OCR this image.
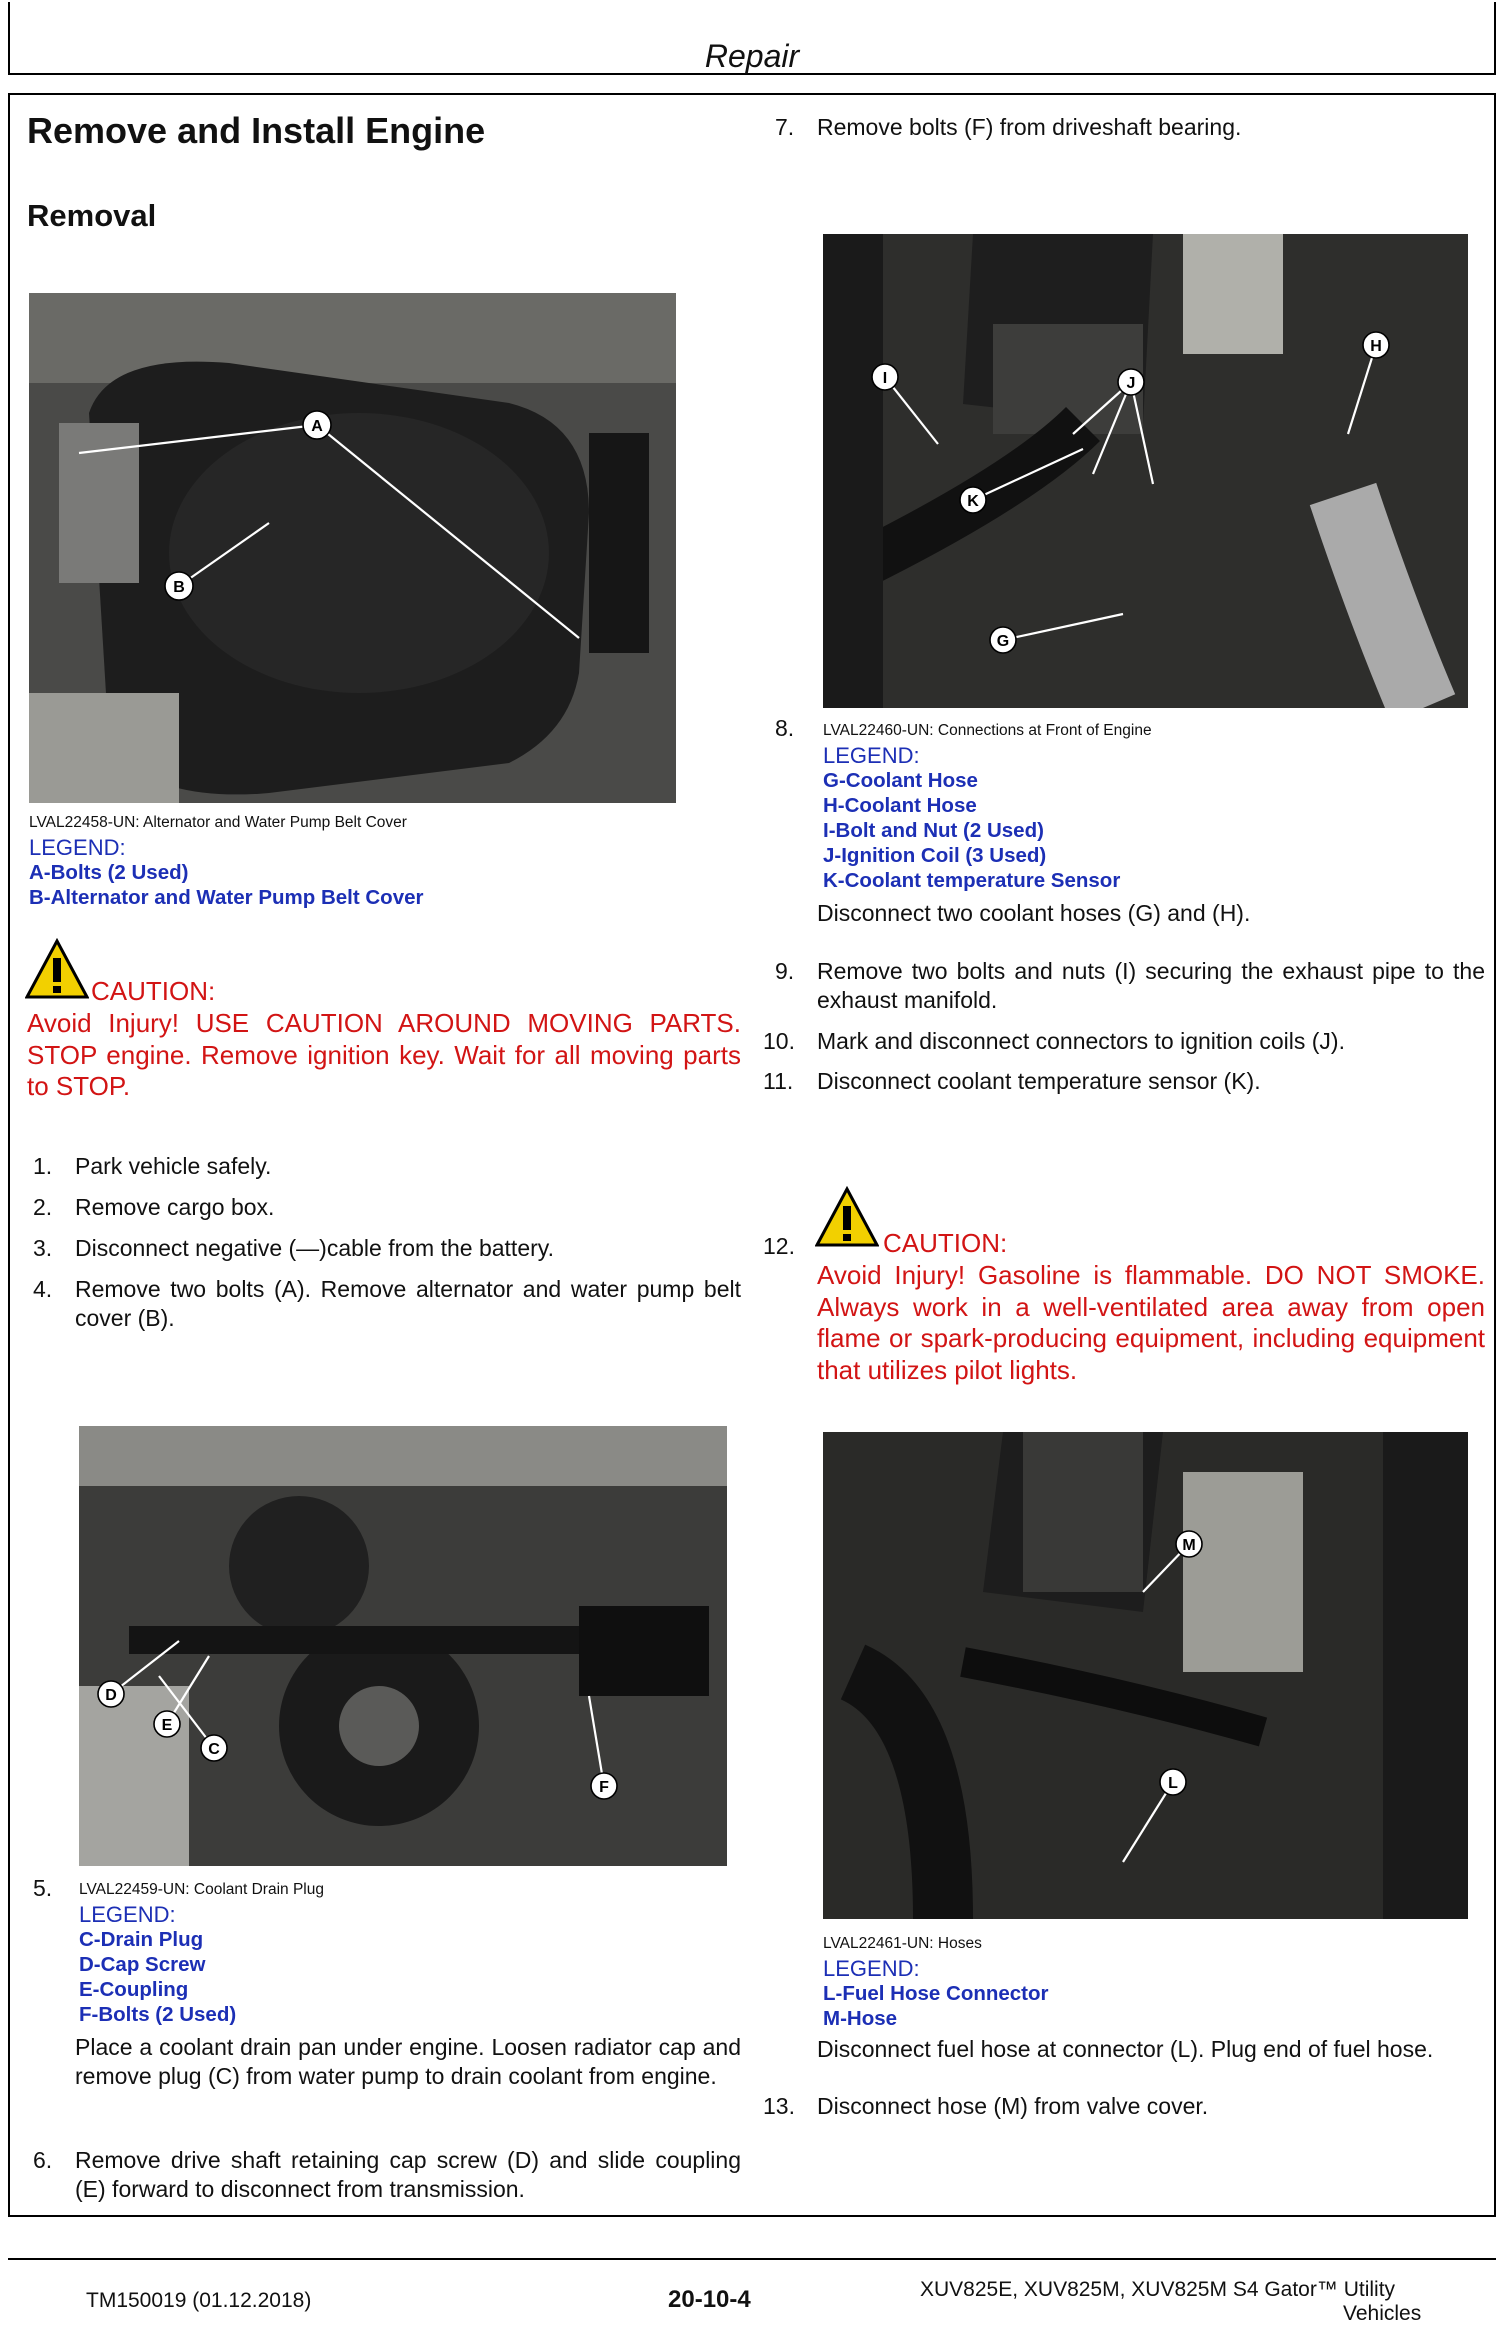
Repair
Remove and Install Engine
Removal
A
B
LVAL22458-UN: Alternator and Water Pump Belt Cover
LEGEND:
A-Bolts (2 Used)
B-Alternator and Water Pump Belt Cover
CAUTION:
Avoid Injury! USE CAUTION AROUND MOVING PARTS. STOP engine. Remove ignition key. Wait for all moving parts to STOP.
1. Park vehicle safely.
2. Remove cargo box.
3. Disconnect negative (—)cable from the battery.
4. Remove two bolts (A). Remove alternator and water pump belt cover (B).
D
E
C
F
5. LVAL22459-UN: Coolant Drain Plug
LEGEND:
C-Drain Plug
D-Cap Screw
E-Coupling
F-Bolts (2 Used)
Place a coolant drain pan under engine. Loosen radiator cap and remove plug (C) from water pump to drain coolant from engine.
6. Remove drive shaft retaining cap screw (D) and slide coupling (E) forward to disconnect from transmission.
7. Remove bolts (F) from driveshaft bearing.
I	J
H
K
G
8. LVAL22460-UN: Connections at Front of Engine
LEGEND:
G-Coolant Hose
H-Coolant Hose
I-Bolt and Nut (2 Used)
J-Ignition Coil (3 Used)
K-Coolant temperature Sensor
Disconnect two coolant hoses (G) and (H).
9. Remove two bolts and nuts (I) securing the exhaust pipe to the exhaust manifold.
10. Mark and disconnect connectors to ignition coils (J).
11. Disconnect coolant temperature sensor (K).
12.	CAUTION:
Avoid Injury! Gasoline is flammable. DO NOT SMOKE. Always work in a well-ventilated area away from open flame or spark-producing equipment, including equipment that utilizes pilot lights.
M
L
LVAL22461-UN: Hoses
LEGEND:
L-Fuel Hose Connector
M-Hose
Disconnect fuel hose at connector (L). Plug end of fuel hose.
13. Disconnect hose (M) from valve cover.
TM150019 (01.12.2018)	20-10-4	XUV825E, XUV825M, XUV825M S4 Gator™ Utility
Vehicles
